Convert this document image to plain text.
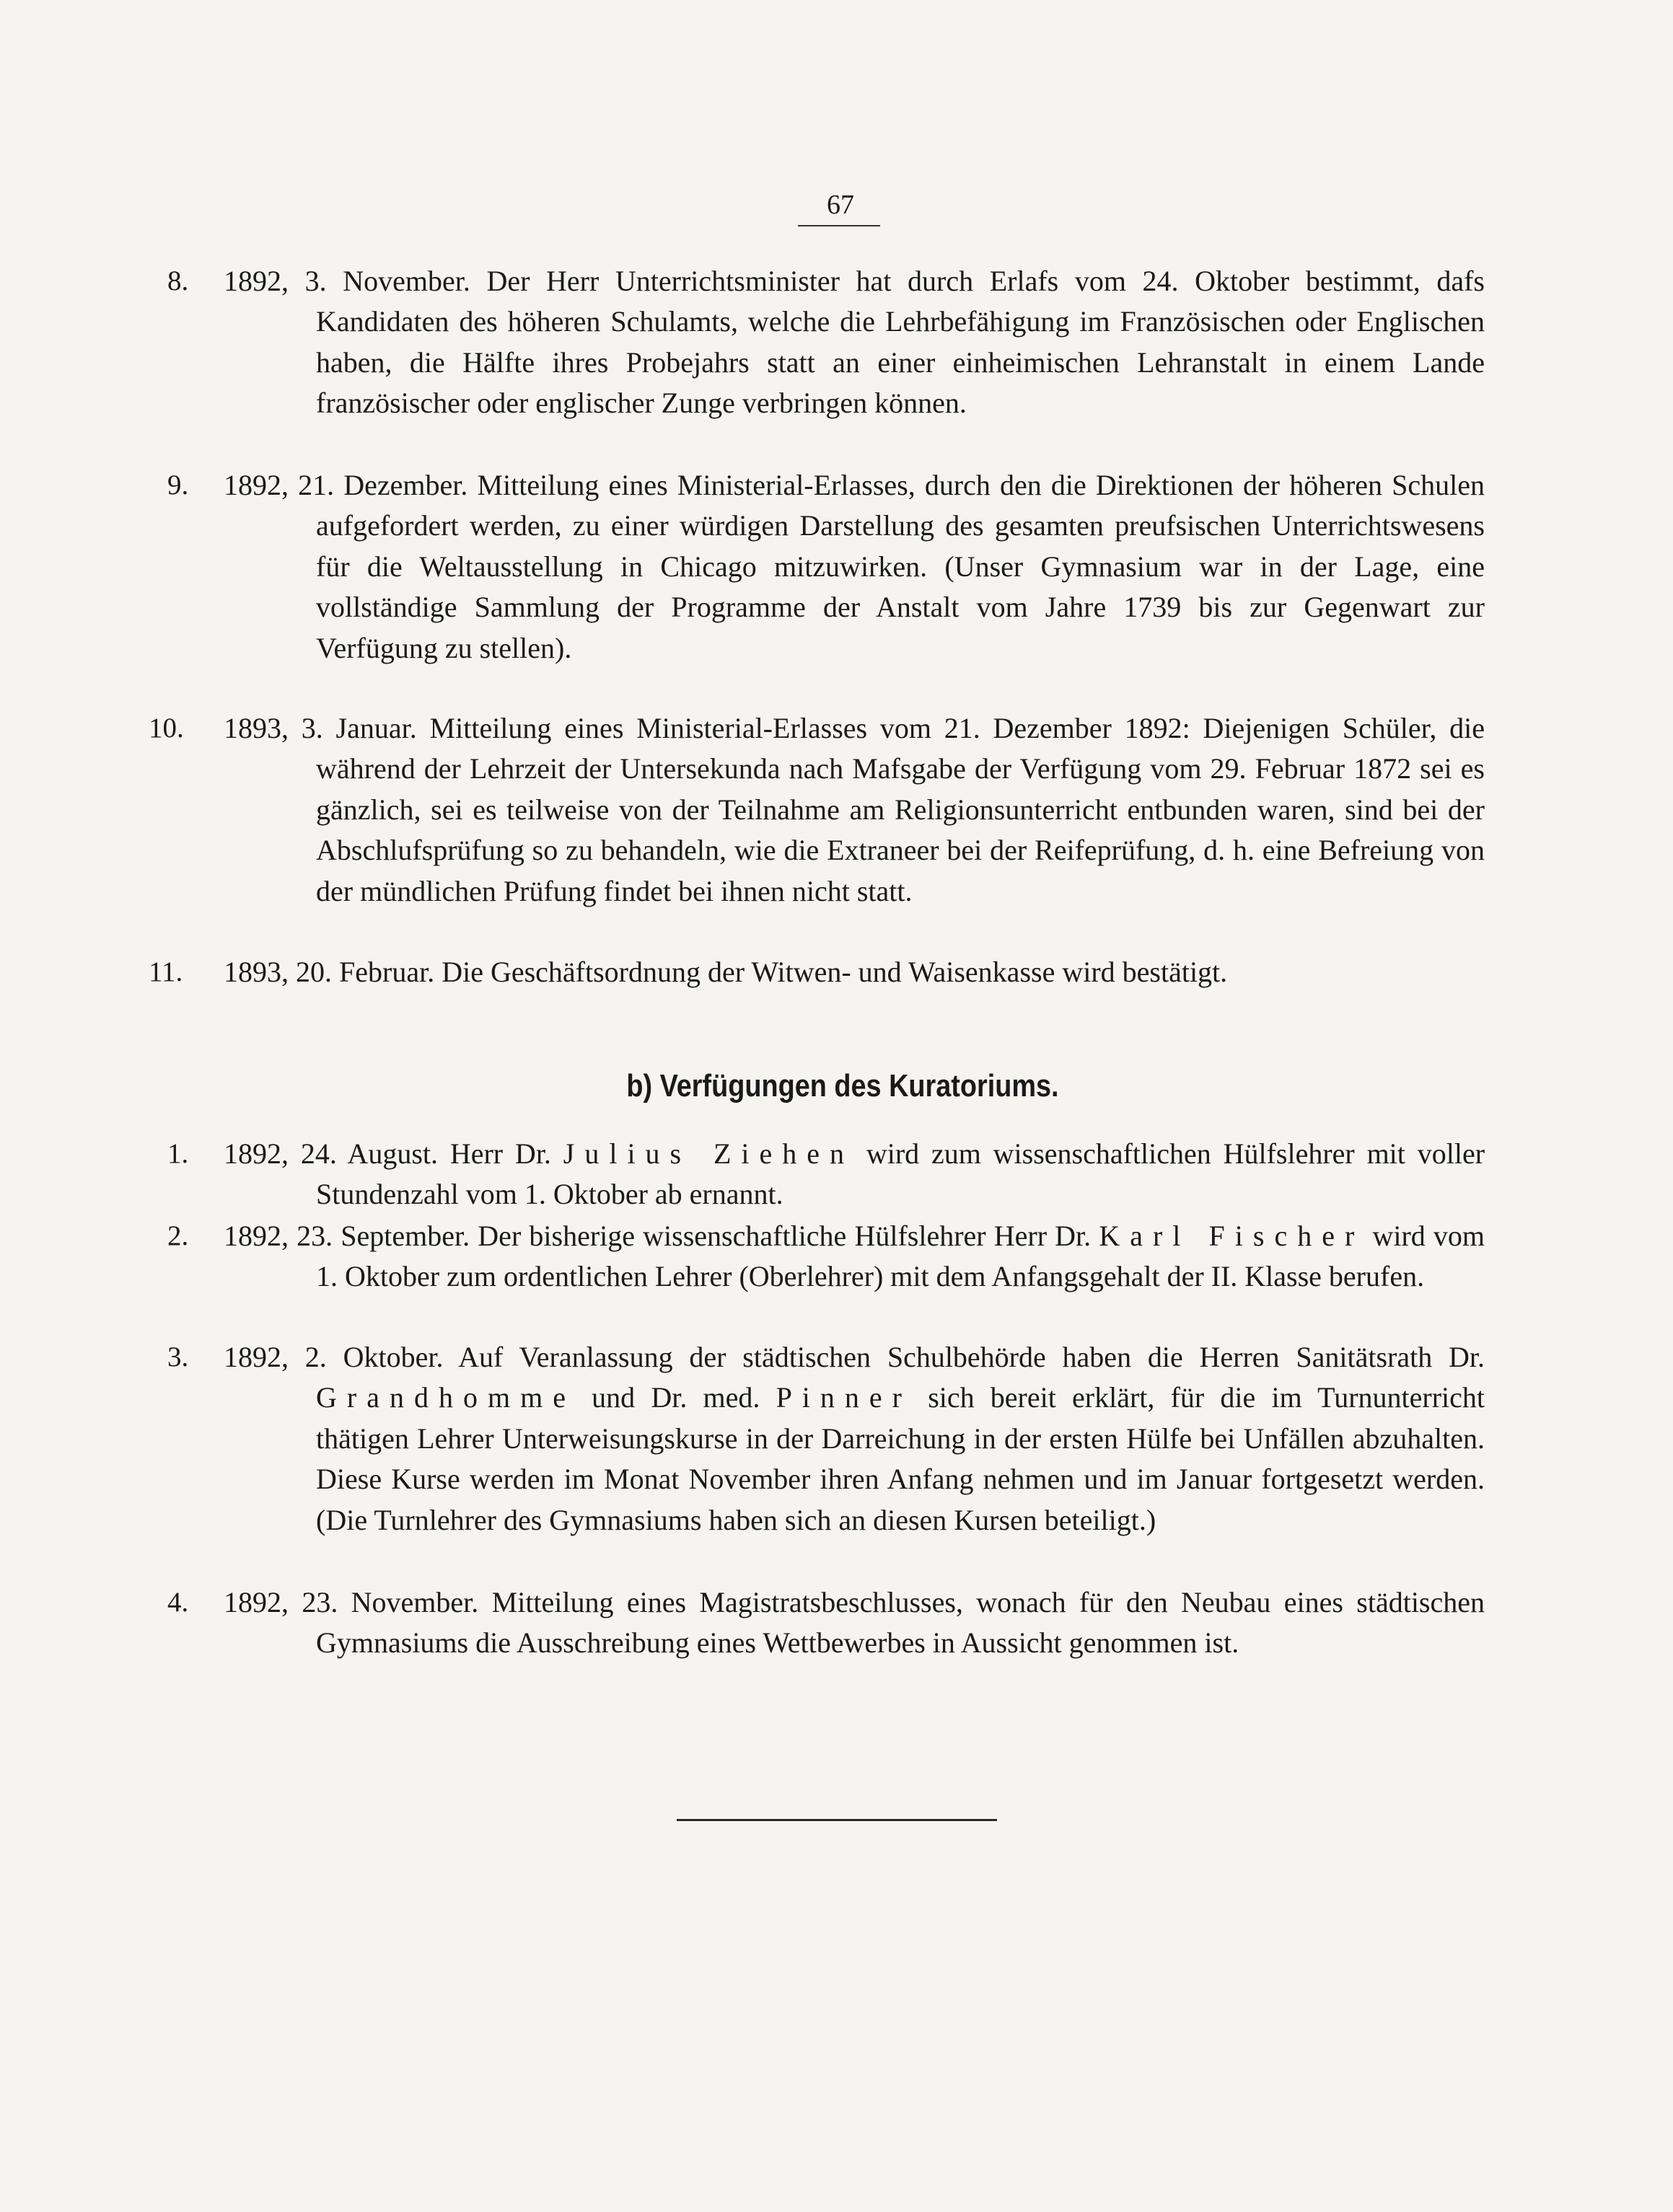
67
8. 1892, 3. November. Der Herr Unterrichtsminister hat durch Erlafs vom 24. Oktober bestimmt, dafs Kandidaten des höheren Schulamts, welche die Lehrbefähigung im Französischen oder Englischen haben, die Hälfte ihres Probejahrs statt an einer einheimischen Lehranstalt in einem Lande französischer oder englischer Zunge verbringen können.
9. 1892, 21. Dezember. Mitteilung eines Ministerial-Erlasses, durch den die Direktionen der höheren Schulen aufgefordert werden, zu einer würdigen Darstellung des gesamten preufsischen Unterrichtswesens für die Weltausstellung in Chicago mitzuwirken. (Unser Gymnasium war in der Lage, eine vollständige Sammlung der Programme der Anstalt vom Jahre 1739 bis zur Gegenwart zur Verfügung zu stellen).
10. 1893, 3. Januar. Mitteilung eines Ministerial-Erlasses vom 21. Dezember 1892: Diejenigen Schüler, die während der Lehrzeit der Untersekunda nach Mafsgabe der Verfügung vom 29. Februar 1872 sei es gänzlich, sei es teilweise von der Teilnahme am Religionsunterricht entbunden waren, sind bei der Abschlufsprüfung so zu behandeln, wie die Extraneer bei der Reifeprüfung, d. h. eine Befreiung von der mündlichen Prüfung findet bei ihnen nicht statt.
11. 1893, 20. Februar. Die Geschäftsordnung der Witwen- und Waisenkasse wird bestätigt.
b) Verfügungen des Kuratoriums.
1. 1892, 24. August. Herr Dr. Julius Ziehen wird zum wissenschaftlichen Hülfslehrer mit voller Stundenzahl vom 1. Oktober ab ernannt.
2. 1892, 23. September. Der bisherige wissenschaftliche Hülfslehrer Herr Dr. Karl Fischer wird vom 1. Oktober zum ordentlichen Lehrer (Oberlehrer) mit dem Anfangsgehalt der II. Klasse berufen.
3. 1892, 2. Oktober. Auf Veranlassung der städtischen Schulbehörde haben die Herren Sanitätsrath Dr. Grandhomme und Dr. med. Pinner sich bereit erklärt, für die im Turnunterricht thätigen Lehrer Unterweisungskurse in der Darreichung in der ersten Hülfe bei Unfällen abzuhalten. Diese Kurse werden im Monat November ihren Anfang nehmen und im Januar fortgesetzt werden. (Die Turnlehrer des Gymnasiums haben sich an diesen Kursen beteiligt.)
4. 1892, 23. November. Mitteilung eines Magistratsbeschlusses, wonach für den Neubau eines städtischen Gymnasiums die Ausschreibung eines Wettbewerbes in Aussicht genommen ist.
